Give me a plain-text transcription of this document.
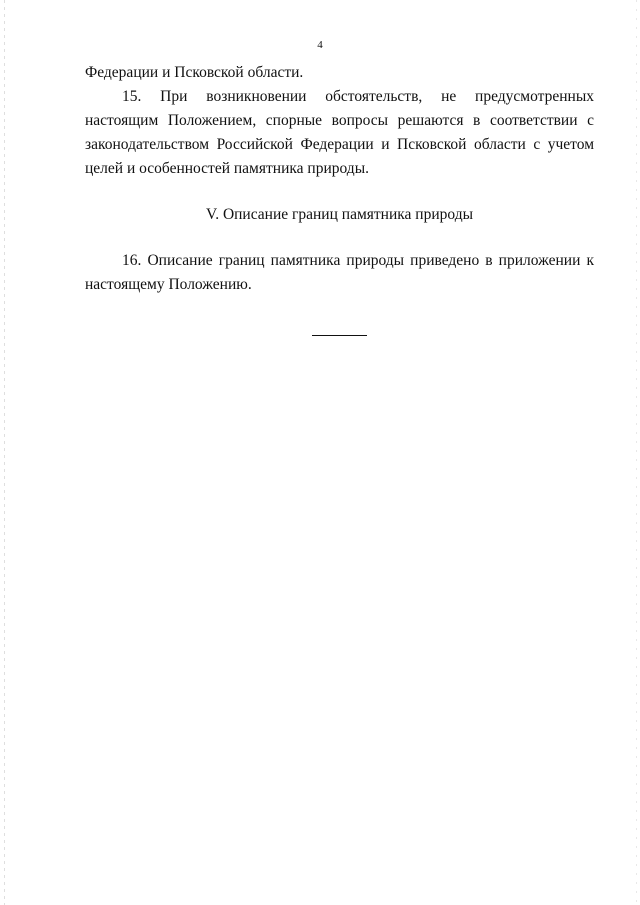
4

Федерации и Псковской области.

15. При возникновении обстоятельств, не предусмотренных настоящим Положением, спорные вопросы решаются в соответствии с законодательством Российской Федерации и Псковской области с учетом целей и особенностей памятника природы.

V. Описание границ памятника природы

16. Описание границ памятника природы приведено в приложении к настоящему Положению.
